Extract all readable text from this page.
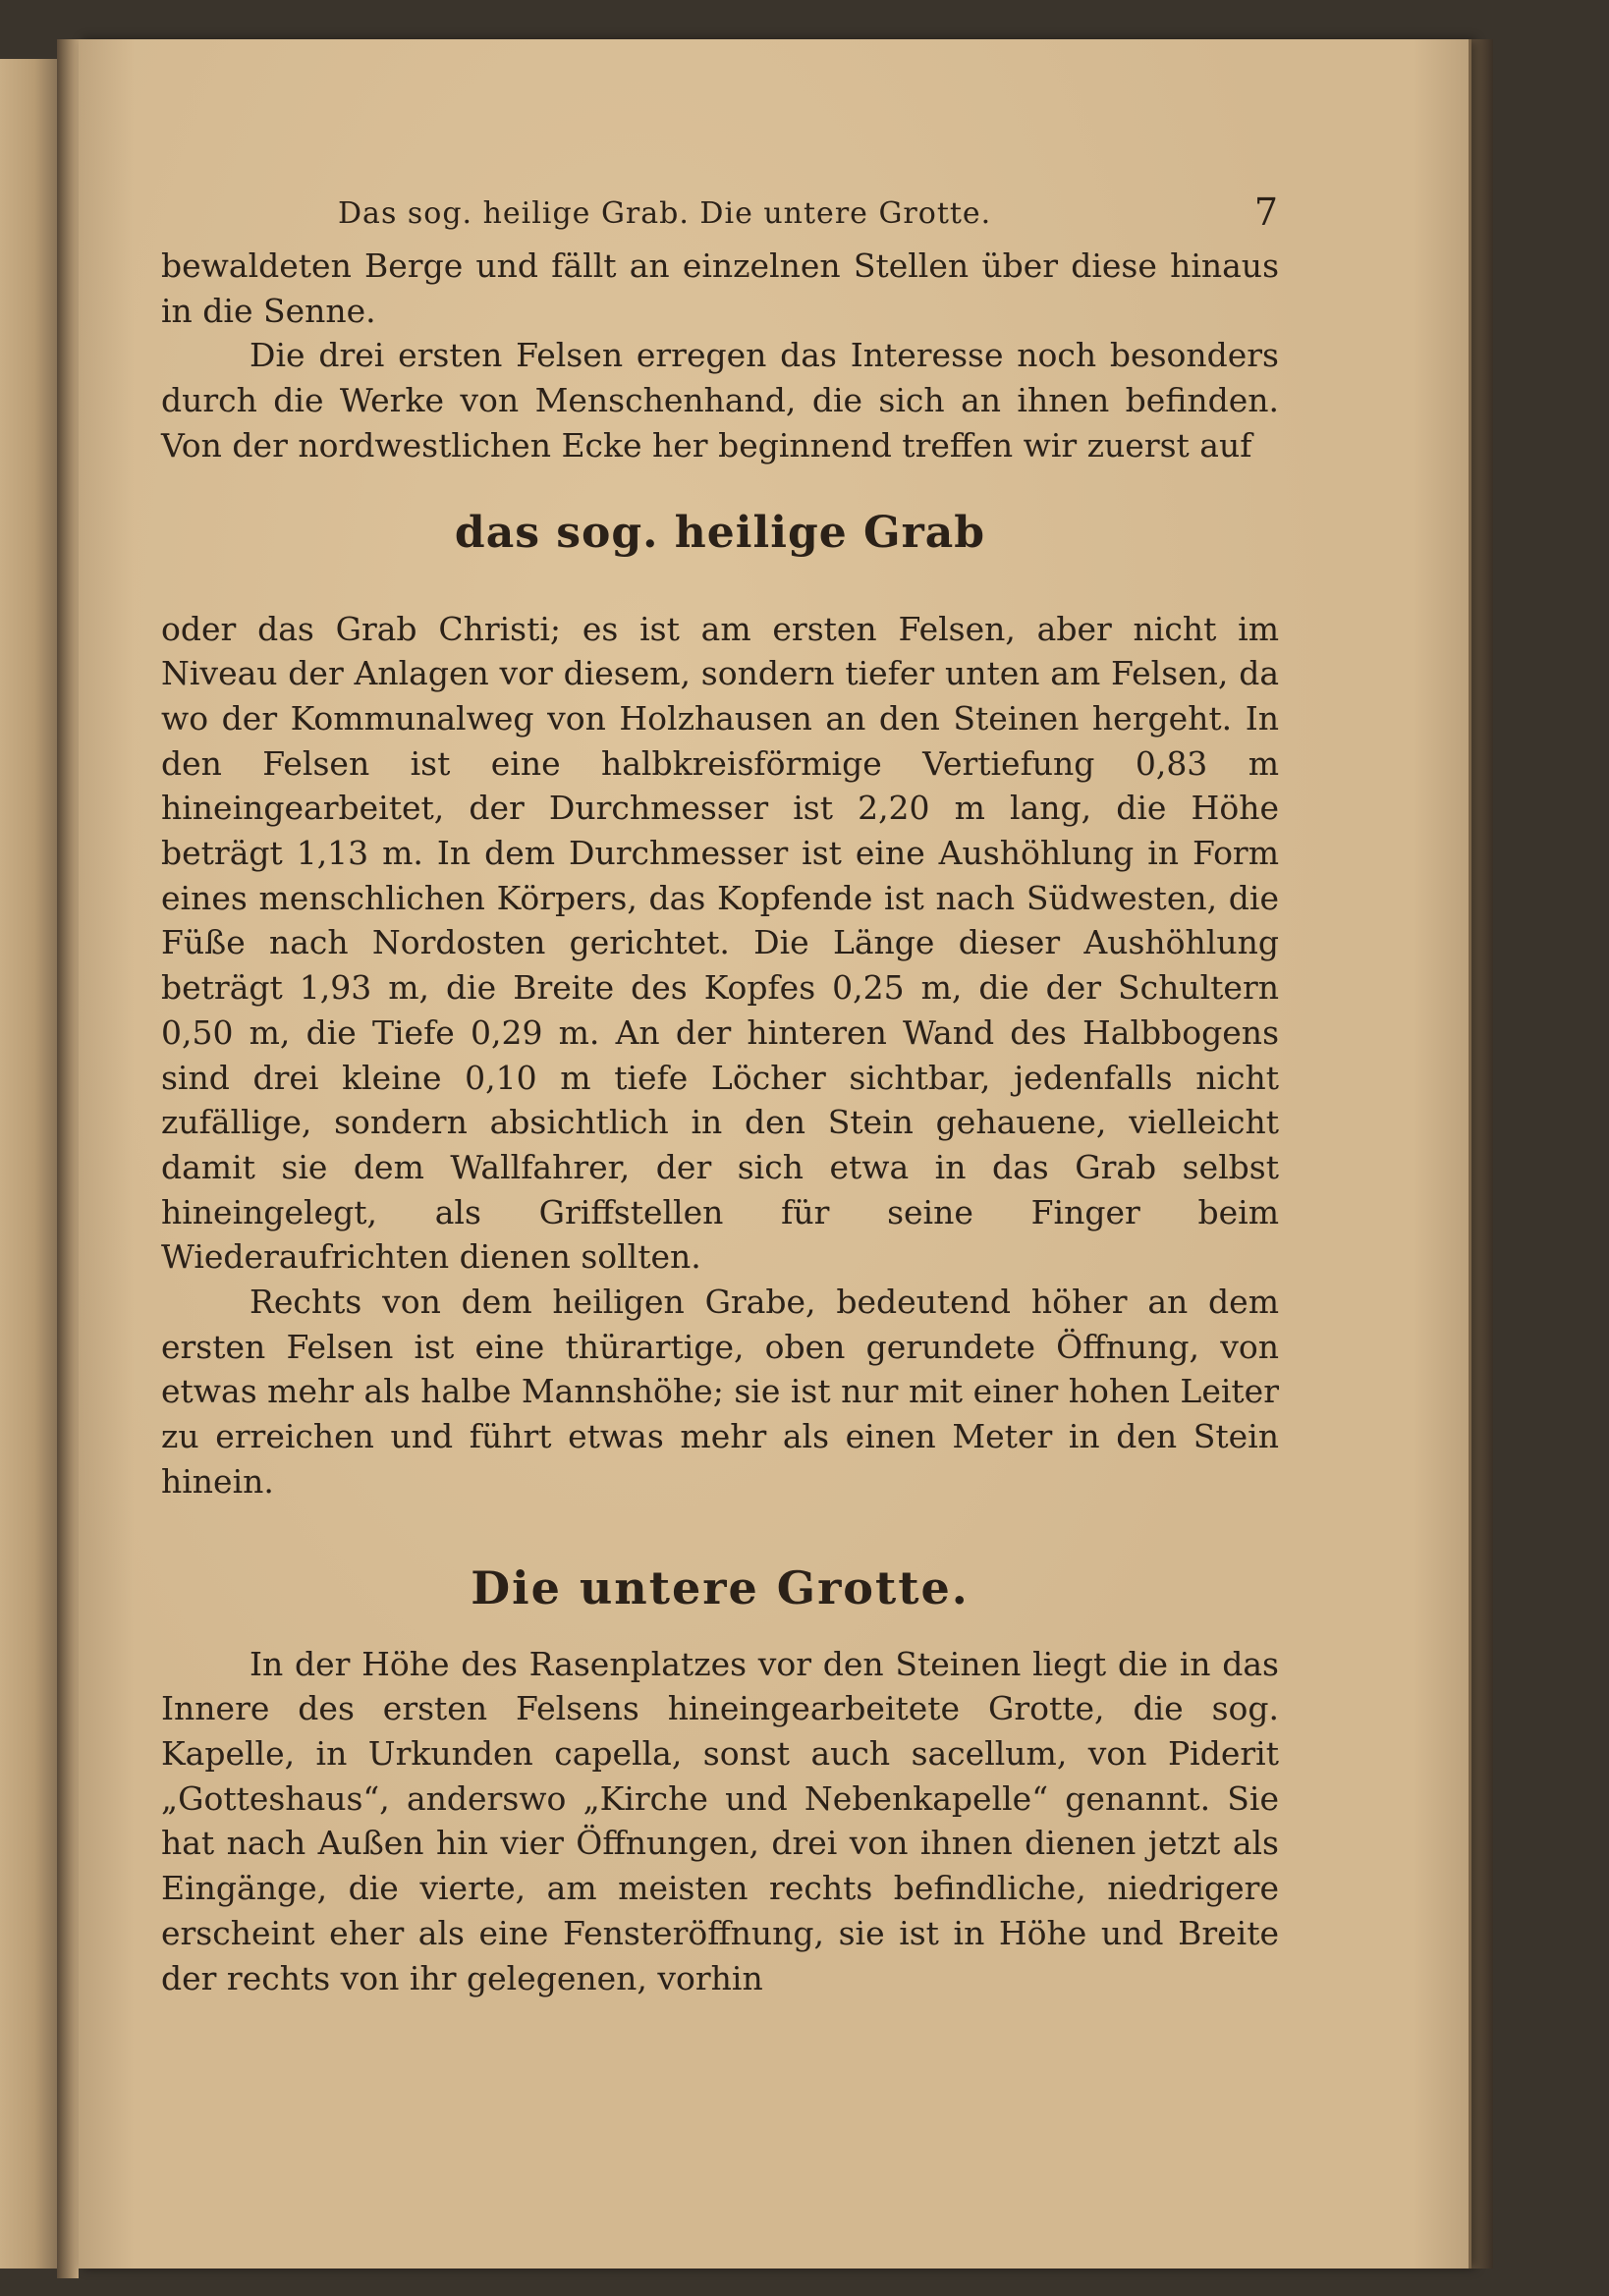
Das sog. heilige Grab. Die untere Grotte.	7

bewaldeten Berge und fällt an einzelnen Stellen über diese hinaus in die Senne.

Die drei ersten Felsen erregen das Interesse noch besonders durch die Werke von Menschenhand, die sich an ihnen befinden. Von der nordwestlichen Ecke her beginnend treffen wir zuerst auf

das sog. heilige Grab

oder das Grab Christi; es ist am ersten Felsen, aber nicht im Niveau der Anlagen vor diesem, sondern tiefer unten am Felsen, da wo der Kommunalweg von Holzhausen an den Steinen hergeht. In den Felsen ist eine halbkreisförmige Vertiefung 0,83 m hineingearbeitet, der Durchmesser ist 2,20 m lang, die Höhe beträgt 1,13 m. In dem Durchmesser ist eine Aushöhlung in Form eines menschlichen Körpers, das Kopfende ist nach Südwesten, die Füße nach Nordosten gerichtet. Die Länge dieser Aushöhlung beträgt 1,93 m, die Breite des Kopfes 0,25 m, die der Schultern 0,50 m, die Tiefe 0,29 m. An der hinteren Wand des Halbbogens sind drei kleine 0,10 m tiefe Löcher sichtbar, jedenfalls nicht zufällige, sondern absichtlich in den Stein gehauene, vielleicht damit sie dem Wallfahrer, der sich etwa in das Grab selbst hineingelegt, als Griffstellen für seine Finger beim Wiederaufrichten dienen sollten.

Rechts von dem heiligen Grabe, bedeutend höher an dem ersten Felsen ist eine thürartige, oben gerundete Öffnung, von etwas mehr als halbe Mannshöhe; sie ist nur mit einer hohen Leiter zu erreichen und führt etwas mehr als einen Meter in den Stein hinein.

Die untere Grotte.

In der Höhe des Rasenplatzes vor den Steinen liegt die in das Innere des ersten Felsens hineingearbeitete Grotte, die sog. Kapelle, in Urkunden capella, sonst auch sacellum, von Piderit „Gotteshaus“, anderswo „Kirche und Nebenkapelle“ genannt. Sie hat nach Außen hin vier Öffnungen, drei von ihnen dienen jetzt als Eingänge, die vierte, am meisten rechts befindliche, niedrigere erscheint eher als eine Fensteröffnung, sie ist in Höhe und Breite der rechts von ihr gelegenen, vorhin
